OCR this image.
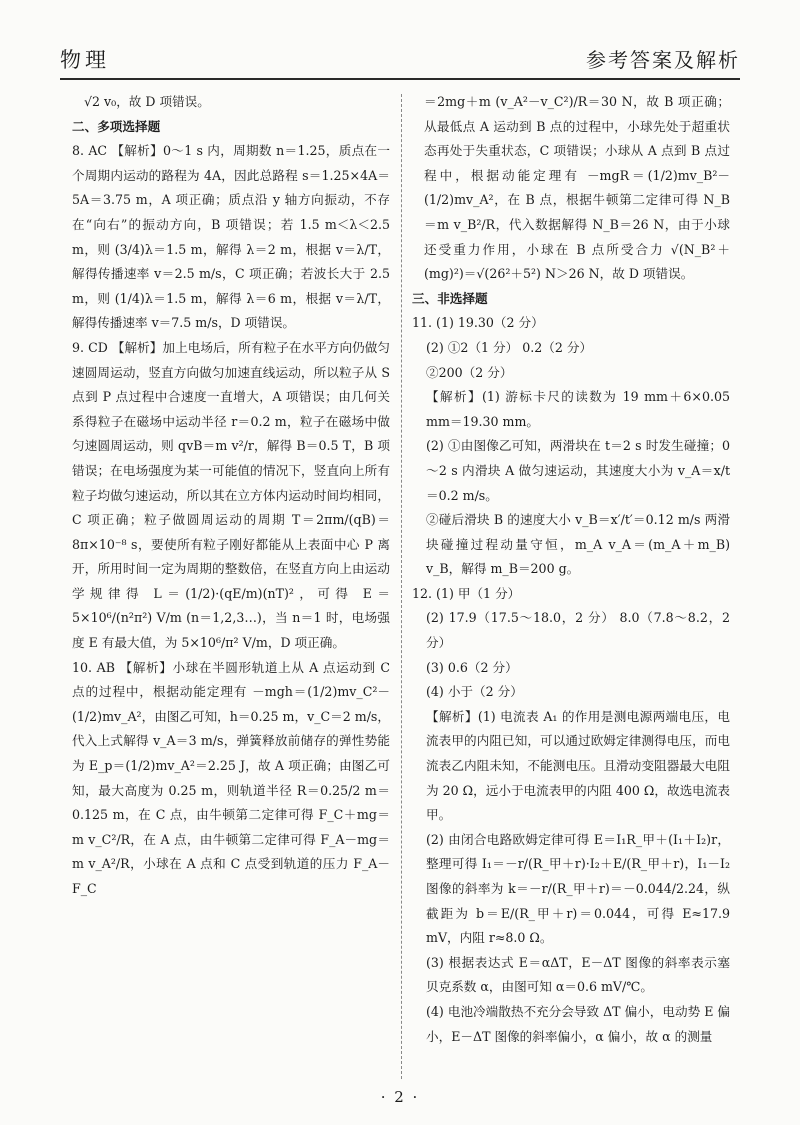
物理	参考答案及解析

√2 v₀，故 D 项错误。

二、多项选择题

8. AC 【解析】0～1 s 内，周期数 n＝1.25，质点在一个周期内运动的路程为 4A，因此总路程 s＝1.25×4A＝5A＝3.75 m，A 项正确；质点沿 y 轴方向振动，不存在“向右”的振动方向，B 项错误；若 1.5 m＜λ＜2.5 m，则 (3/4)λ＝1.5 m，解得 λ＝2 m，根据 v＝λ/T，解得传播速率 v＝2.5 m/s，C 项正确；若波长大于 2.5 m，则 (1/4)λ＝1.5 m，解得 λ＝6 m，根据 v＝λ/T，解得传播速率 v＝7.5 m/s，D 项错误。

9. CD 【解析】加上电场后，所有粒子在水平方向仍做匀速圆周运动，竖直方向做匀加速直线运动，所以粒子从 S 点到 P 点过程中合速度一直增大，A 项错误；由几何关系得粒子在磁场中运动半径 r＝0.2 m，粒子在磁场中做匀速圆周运动，则 qvB＝m v²/r，解得 B＝0.5 T，B 项错误；在电场强度为某一可能值的情况下，竖直向上所有粒子均做匀速运动，所以其在立方体内运动时间均相同，C 项正确；粒子做圆周运动的周期 T＝2πm/(qB)＝8π×10⁻⁸ s，要使所有粒子刚好都能从上表面中心 P 离开，所用时间一定为周期的整数倍，在竖直方向上由运动学规律得 L＝(1/2)·(qE/m)(nT)²，可得 E＝5×10⁶/(n²π²) V/m (n＝1,2,3…)，当 n＝1 时，电场强度 E 有最大值，为 5×10⁶/π² V/m，D 项正确。

10. AB 【解析】小球在半圆形轨道上从 A 点运动到 C 点的过程中，根据动能定理有 －mgh＝(1/2)mv_C²－(1/2)mv_A²，由图乙可知，h＝0.25 m，v_C＝2 m/s，代入上式解得 v_A＝3 m/s，弹簧释放前储存的弹性势能为 E_p＝(1/2)mv_A²＝2.25 J，故 A 项正确；由图乙可知，最大高度为 0.25 m，则轨道半径 R＝0.25/2 m＝0.125 m，在 C 点，由牛顿第二定律可得 F_C＋mg＝m v_C²/R，在 A 点，由牛顿第二定律可得 F_A－mg＝m v_A²/R，小球在 A 点和 C 点受到轨道的压力 F_A－F_C

＝2mg＋m (v_A²－v_C²)/R＝30 N，故 B 项正确；从最低点 A 运动到 B 点的过程中，小球先处于超重状态再处于失重状态，C 项错误；小球从 A 点到 B 点过程中，根据动能定理有 －mgR＝(1/2)mv_B²－(1/2)mv_A²，在 B 点，根据牛顿第二定律可得 N_B＝m v_B²/R，代入数据解得 N_B＝26 N，由于小球还受重力作用，小球在 B 点所受合力 √(N_B²＋(mg)²)＝√(26²＋5²) N＞26 N，故 D 项错误。

三、非选择题

11. (1) 19.30（2 分）

(2) ①2（1 分） 0.2（2 分）

②200（2 分）

【解析】(1) 游标卡尺的读数为 19 mm＋6×0.05 mm＝19.30 mm。

(2) ①由图像乙可知，两滑块在 t＝2 s 时发生碰撞；0～2 s 内滑块 A 做匀速运动，其速度大小为 v_A＝x/t＝0.2 m/s。

②碰后滑块 B 的速度大小 v_B＝x′/t′＝0.12 m/s 两滑块碰撞过程动量守恒，m_A v_A＝(m_A＋m_B) v_B，解得 m_B＝200 g。

12. (1) 甲（1 分）

(2) 17.9（17.5～18.0，2 分） 8.0（7.8～8.2，2 分）

(3) 0.6（2 分）

(4) 小于（2 分）

【解析】(1) 电流表 A₁ 的作用是测电源两端电压，电流表甲的内阻已知，可以通过欧姆定律测得电压，而电流表乙内阻未知，不能测电压。且滑动变阻器最大电阻为 20 Ω，远小于电流表甲的内阻 400 Ω，故选电流表甲。

(2) 由闭合电路欧姆定律可得 E＝I₁R_甲＋(I₁＋I₂)r，整理可得 I₁＝－r/(R_甲＋r)·I₂＋E/(R_甲＋r)，I₁－I₂ 图像的斜率为 k＝－r/(R_甲＋r)＝－0.044/2.24，纵截距为 b＝E/(R_甲＋r)＝0.044，可得 E≈17.9 mV，内阻 r≈8.0 Ω。

(3) 根据表达式 E＝αΔT，E－ΔT 图像的斜率表示塞贝克系数 α，由图可知 α＝0.6 mV/℃。

(4) 电池冷端散热不充分会导致 ΔT 偏小，电动势 E 偏小，E－ΔT 图像的斜率偏小，α 偏小，故 α 的测量

· 2 ·
